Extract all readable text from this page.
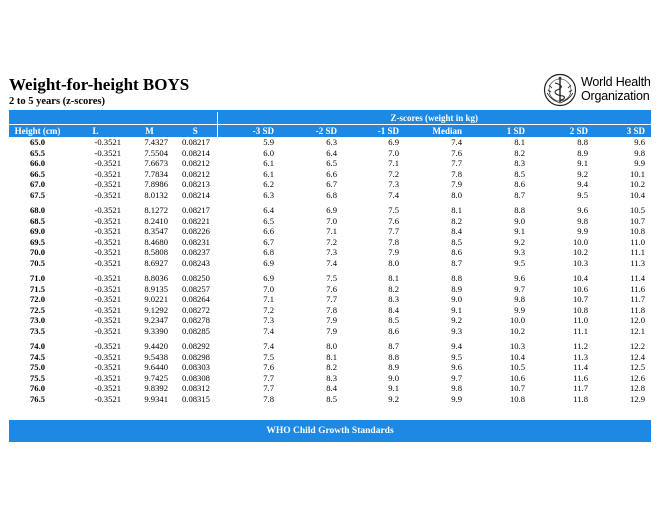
Weight-for-height BOYS
2 to 5 years (z-scores)
World Health
Organization
				Z-scores (weight in kg)						
Height (cm)	L	M	S	-3 SD	-2 SD	-1 SD	Median	1 SD	2 SD	3 SD
65.0	-0.3521	7.4327	0.08217	5.9	6.3	6.9	7.4	8.1	8.8	9.6
65.5	-0.3521	7.5504	0.08214	6.0	6.4	7.0	7.6	8.2	8.9	9.8
66.0	-0.3521	7.6673	0.08212	6.1	6.5	7.1	7.7	8.3	9.1	9.9
66.5	-0.3521	7.7834	0.08212	6.1	6.6	7.2	7.8	8.5	9.2	10.1
67.0	-0.3521	7.8986	0.08213	6.2	6.7	7.3	7.9	8.6	9.4	10.2
67.5	-0.3521	8.0132	0.08214	6.3	6.8	7.4	8.0	8.7	9.5	10.4

68.0	-0.3521	8.1272	0.08217	6.4	6.9	7.5	8.1	8.8	9.6	10.5
68.5	-0.3521	8.2410	0.08221	6.5	7.0	7.6	8.2	9.0	9.8	10.7
69.0	-0.3521	8.3547	0.08226	6.6	7.1	7.7	8.4	9.1	9.9	10.8
69.5	-0.3521	8.4680	0.08231	6.7	7.2	7.8	8.5	9.2	10.0	11.0
70.0	-0.3521	8.5808	0.08237	6.8	7.3	7.9	8.6	9.3	10.2	11.1
70.5	-0.3521	8.6927	0.08243	6.9	7.4	8.0	8.7	9.5	10.3	11.3

71.0	-0.3521	8.8036	0.08250	6.9	7.5	8.1	8.8	9.6	10.4	11.4
71.5	-0.3521	8.9135	0.08257	7.0	7.6	8.2	8.9	9.7	10.6	11.6
72.0	-0.3521	9.0221	0.08264	7.1	7.7	8.3	9.0	9.8	10.7	11.7
72.5	-0.3521	9.1292	0.08272	7.2	7.8	8.4	9.1	9.9	10.8	11.8
73.0	-0.3521	9.2347	0.08278	7.3	7.9	8.5	9.2	10.0	11.0	12.0
73.5	-0.3521	9.3390	0.08285	7.4	7.9	8.6	9.3	10.2	11.1	12.1

74.0	-0.3521	9.4420	0.08292	7.4	8.0	8.7	9.4	10.3	11.2	12.2
74.5	-0.3521	9.5438	0.08298	7.5	8.1	8.8	9.5	10.4	11.3	12.4
75.0	-0.3521	9.6440	0.08303	7.6	8.2	8.9	9.6	10.5	11.4	12.5
75.5	-0.3521	9.7425	0.08308	7.7	8.3	9.0	9.7	10.6	11.6	12.6
76.0	-0.3521	9.8392	0.08312	7.7	8.4	9.1	9.8	10.7	11.7	12.8
76.5	-0.3521	9.9341	0.08315	7.8	8.5	9.2	9.9	10.8	11.8	12.9
WHO Child Growth Standards
